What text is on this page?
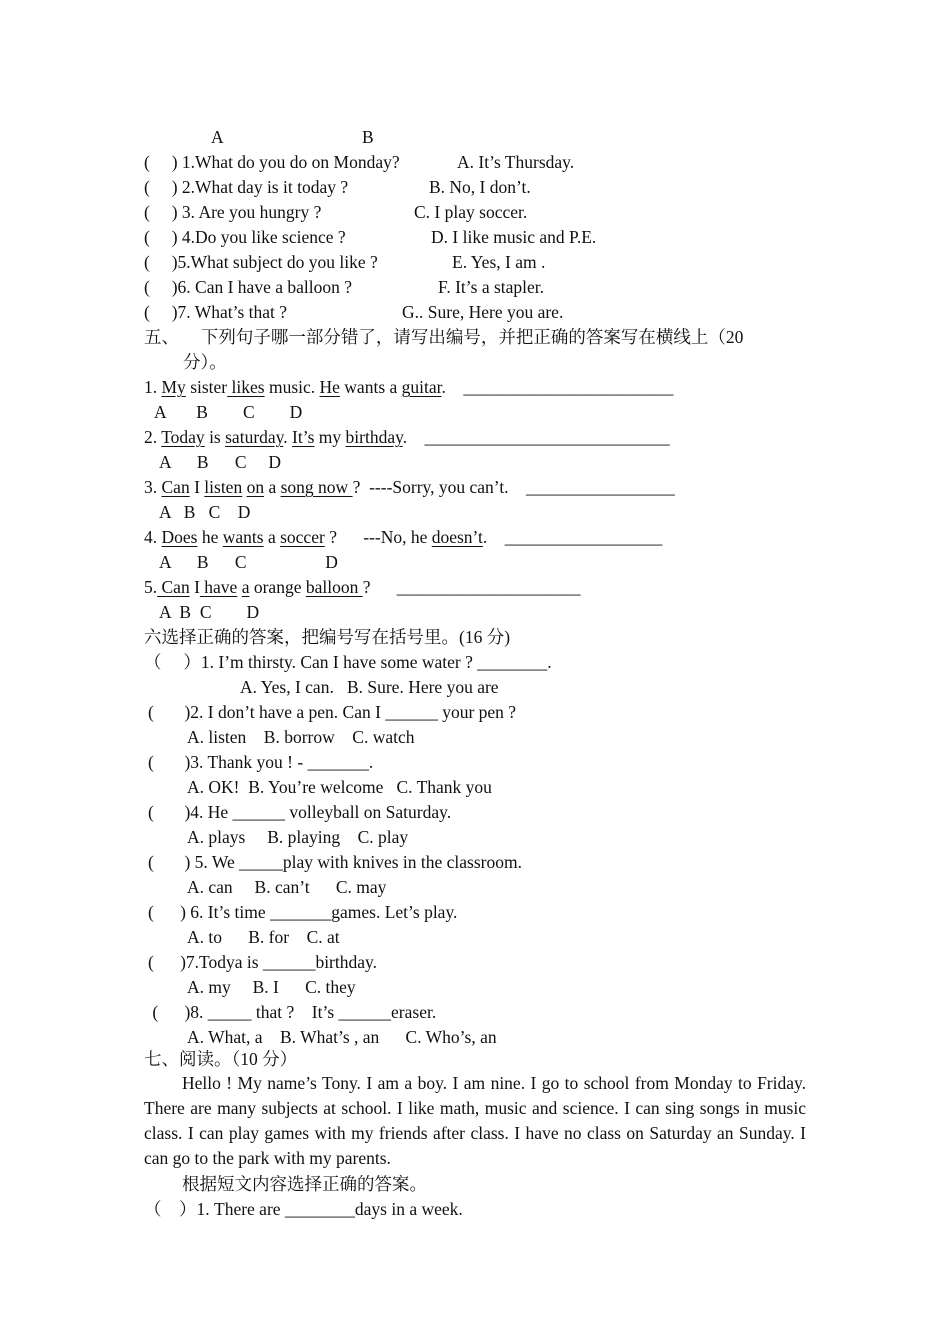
A	B
(     ) 1.What do you do on Monday?	A. It’s Thursday.
(     ) 2.What day is it today ?	B. No, I don’t.
(     ) 3. Are you hungry ?	C. I play soccer.
(     ) 4.Do you like science ?	D. I like music and P.E.
(     )5.What subject do you like ?	E. Yes, I am .
(     )6. Can I have a balloon ?	F. It’s a stapler.
(     )7. What’s that ?	G.. Sure, Here you are.
五、     下列句子哪一部分错了，请写出编号，并把正确的答案写在横线上（20
分）。
1. My sister likes music. He wants a guitar.    ________________________
A       B        C        D
2. Today is saturday. It’s my birthday.    ____________________________
A      B      C     D
3. Can I listen on a song now ?  ----Sorry, you can’t.    _________________
A   B   C    D
4. Does he wants a soccer ?      ---No, he doesn’t.    __________________
A      B      C                  D
5. Can I have a orange balloon ?      _____________________
A  B  C        D
六选择正确的答案，把编号写在括号里。(16 分)
（     ）1. I’m thirsty. Can I have some water ? ________.
A. Yes, I can.   B. Sure. Here you are
(       )2. I don’t have a pen. Can I ______ your pen ?
A. listen    B. borrow    C. watch
(       )3. Thank you ! - _______.
A. OK!  B. You’re welcome   C. Thank you
(       )4. He ______ volleyball on Saturday.
A. plays     B. playing    C. play
(       ) 5. We _____play with knives in the classroom.
A. can     B. can’t      C. may
(      ) 6. It’s time _______games. Let’s play.
A. to      B. for    C. at
(      )7.Todya is ______birthday.
A. my     B. I      C. they
(      )8. _____ that ?    It’s ______eraser.
A. What, a    B. What’s , an      C. Who’s, an
七、阅读。（10 分）
Hello ! My name’s Tony. I am a boy. I am nine. I go to school from Monday to Friday. There are many subjects at school. I like math, music and science. I can sing songs in music class. I can play games with my friends after class. I have no class on Saturday an Sunday. I can go to the park with my parents.
根据短文内容选择正确的答案。
（    ）1. There are ________days in a week.
